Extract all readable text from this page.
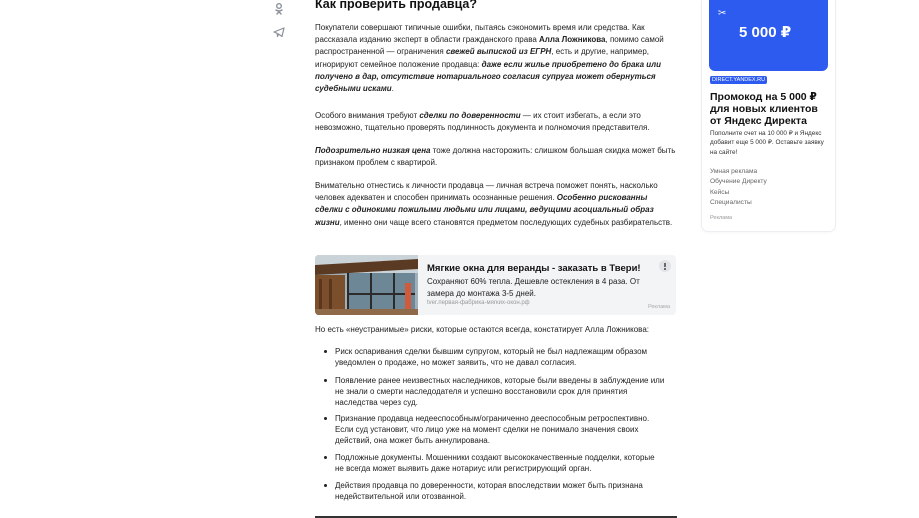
Как проверить продавца?
Покупатели совершают типичные ошибки, пытаясь сэкономить время или средства. Как рассказала изданию эксперт в области гражданского права Алла Ложникова, помимо самой распространенной — ограничения свежей выпиской из ЕГРН, есть и другие, например, игнорируют семейное положение продавца: даже если жилье приобретено до брака или получено в дар, отсутствие нотариального согласия супруга может обернуться судебными исками.
Особого внимания требуют сделки по доверенности — их стоит избегать, а если это невозможно, тщательно проверять подлинность документа и полномочия представителя.
Подозрительно низкая цена тоже должна насторожить: слишком большая скидка может быть признаком проблем с квартирой.
Внимательно отнестись к личности продавца — личная встреча поможет понять, насколько человек адекватен и способен принимать осознанные решения. Особенно рискованны сделки с одинокими пожилыми людьми или лицами, ведущими асоциальный образ жизни, именно они чаще всего становятся предметом последующих судебных разбирательств.
Но есть «неустранимые» риски, которые остаются всегда, констатирует Алла Ложникова:
Мягкие окна для веранды - заказать в Твери!
Сохраняют 60% тепла. Дешевле остекления в 4 раза. От замера до монтажа 3-5 дней.
tver.первая-фабрика-мягких-окон.рф
Реклама
Риск оспаривания сделки бывшим супругом, который не был надлежащим образом уведомлен о продаже, но может заявить, что не давал согласия.
Появление ранее неизвестных наследников, которые были введены в заблуждение или не знали о смерти наследодателя и успешно восстановили срок для принятия наследства через суд.
Признание продавца недееспособным/ограниченно дееспособным ретроспективно. Если суд установит, что лицо уже на момент сделки не понимало значения своих действий, она может быть аннулирована.
Подложные документы. Мошенники создают высококачественные подделки, которые не всегда может выявить даже нотариус или регистрирующий орган.
Действия продавца по доверенности, которая впоследствии может быть признана недействительной или отозванной.
✂
5 000 ₽
DIRECT.YANDEX.RU
Промокод на 5 000 ₽ для новых клиентов от Яндекс Директа
Пополните счет на 10 000 ₽ и Яндекс добавит еще 5 000 ₽. Оставьте заявку на сайте!
Умная реклама
Обучение Директу
Кейсы
Специалисты
Реклама
